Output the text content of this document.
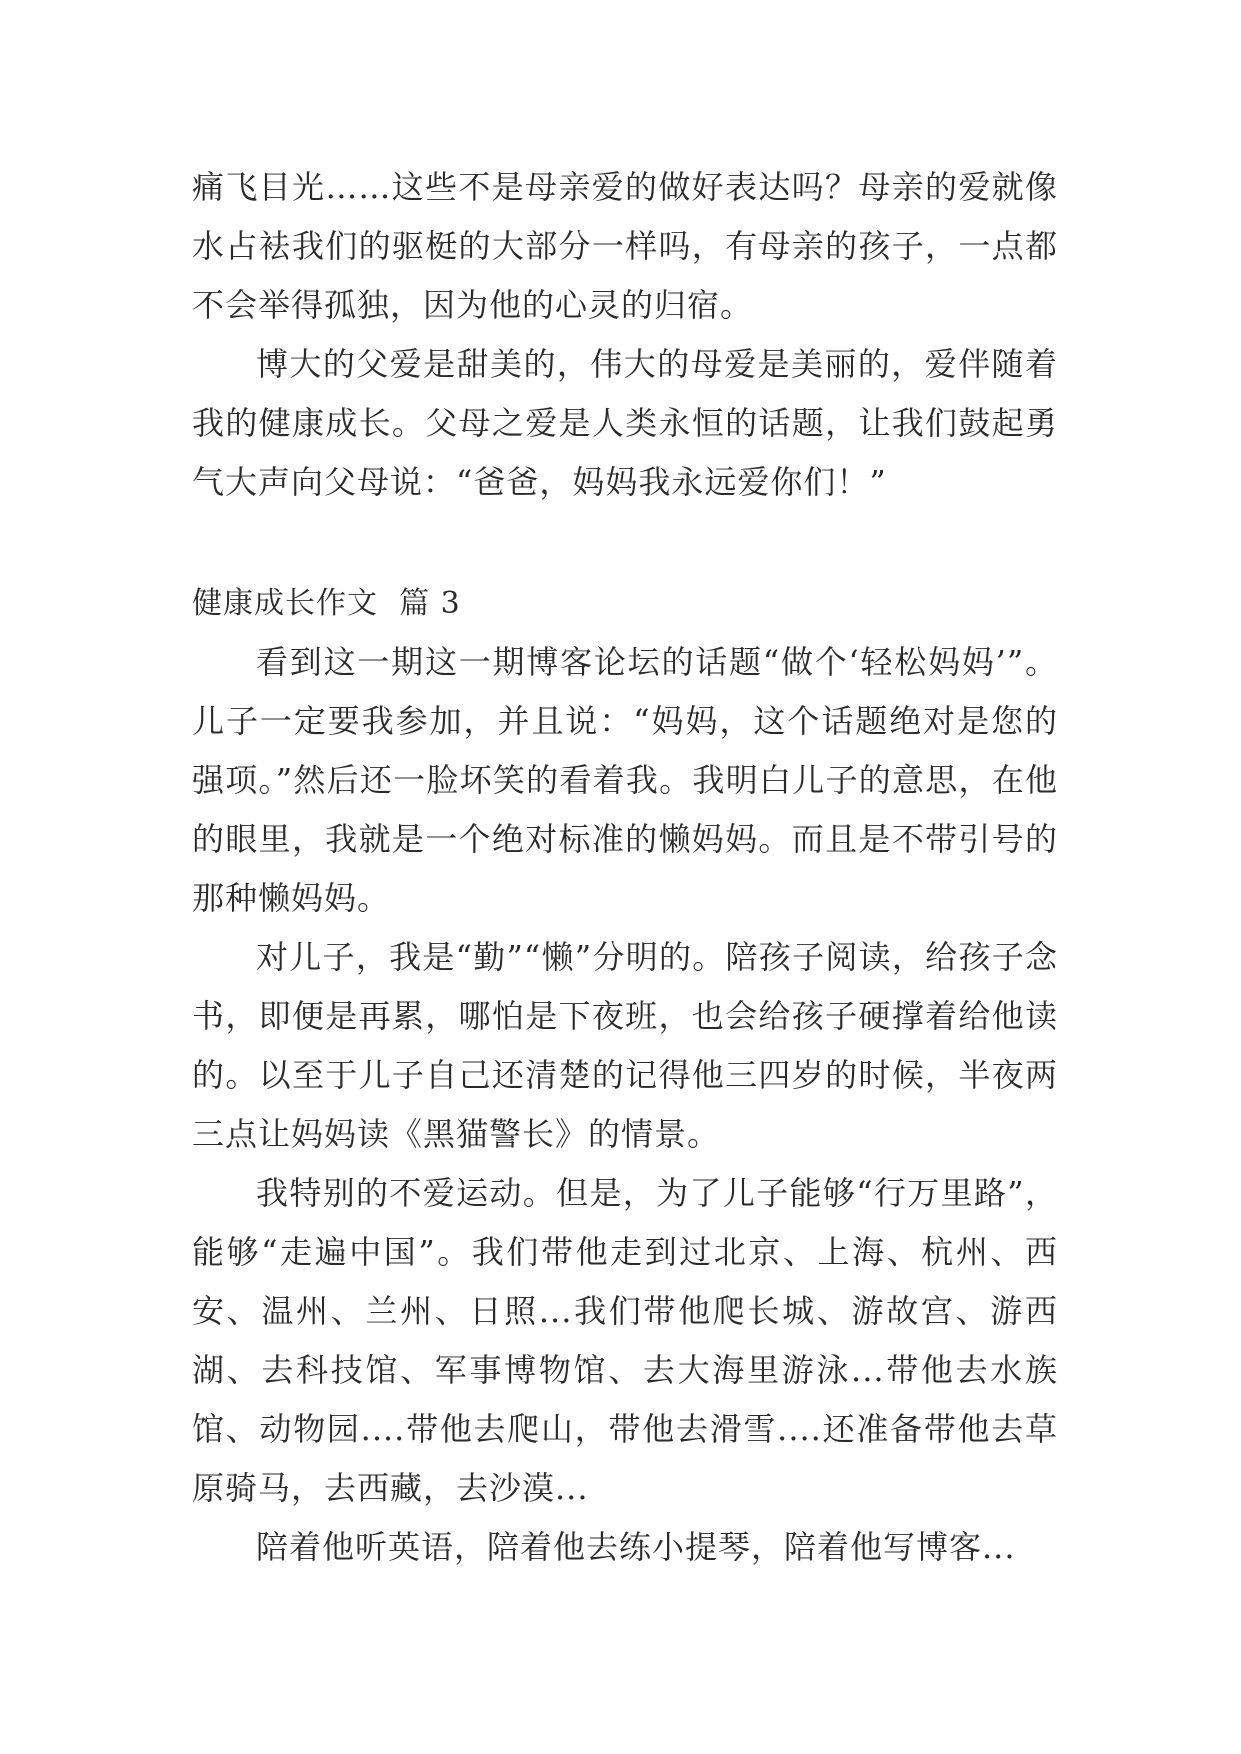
痛飞目光……这些不是母亲爱的做好表达吗？母亲的爱就像水占袪我们的驱梃的大部分一样吗，有母亲的孩子，一点都不会举得孤独，因为他的心灵的归宿。

博大的父爱是甜美的，伟大的母爱是美丽的，爱伴随着我的健康成长。父母之爱是人类永恒的话题，让我们鼓起勇气大声向父母说：“爸爸，妈妈我永远爱你们！”

健康成长作文  篇 3

看到这一期这一期博客论坛的话题“做个‘轻松妈妈’”。儿子一定要我参加，并且说：“妈妈，这个话题绝对是您的强项。”然后还一脸坏笑的看着我。我明白儿子的意思，在他的眼里，我就是一个绝对标准的懒妈妈。而且是不带引号的那种懒妈妈。

对儿子，我是“勤”“懒”分明的。陪孩子阅读，给孩子念书，即便是再累，哪怕是下夜班，也会给孩子硬撑着给他读的。以至于儿子自己还清楚的记得他三四岁的时候，半夜两三点让妈妈读《黑猫警长》的情景。

我特别的不爱运动。但是，为了儿子能够“行万里路”，能够“走遍中国”。我们带他走到过北京、上海、杭州、西安、温州、兰州、日照...我们带他爬长城、游故宫、游西湖、去科技馆、军事博物馆、去大海里游泳...带他去水族馆、动物园....带他去爬山，带他去滑雪....还准备带他去草原骑马，去西藏，去沙漠...

陪着他听英语，陪着他去练小提琴，陪着他写博客...
